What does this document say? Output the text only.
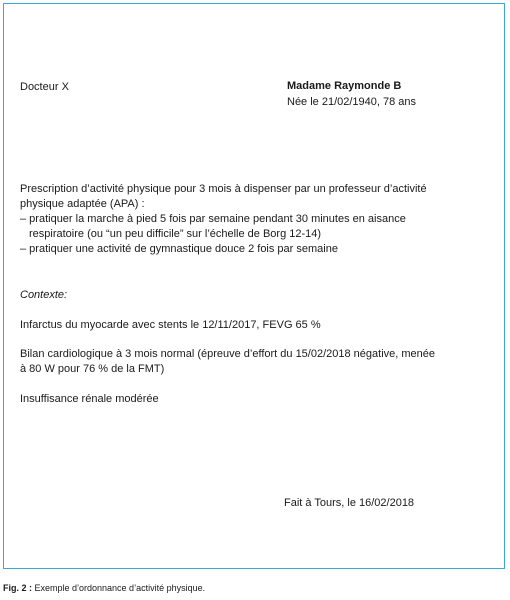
Docteur X	Madame Raymonde B

Née le 21/02/1940, 78 ans

Prescription d’activité physique pour 3 mois à dispenser par un professeur d’activité

physique adaptée (APA) :

– pratiquer la marche à pied 5 fois par semaine pendant 30 minutes en aisance

respiratoire (ou “un peu difficile” sur l’échelle de Borg 12-14)

– pratiquer une activité de gymnastique douce 2 fois par semaine

Contexte:

Infarctus du myocarde avec stents le 12/11/2017, FEVG 65 %

Bilan cardiologique à 3 mois normal (épreuve d’effort du 15/02/2018 négative, menée

à 80 W pour 76 % de la FMT)

Insuffisance rénale modérée

Fait à Tours, le 16/02/2018

Fig. 2 : Exemple d’ordonnance d’activité physique.
